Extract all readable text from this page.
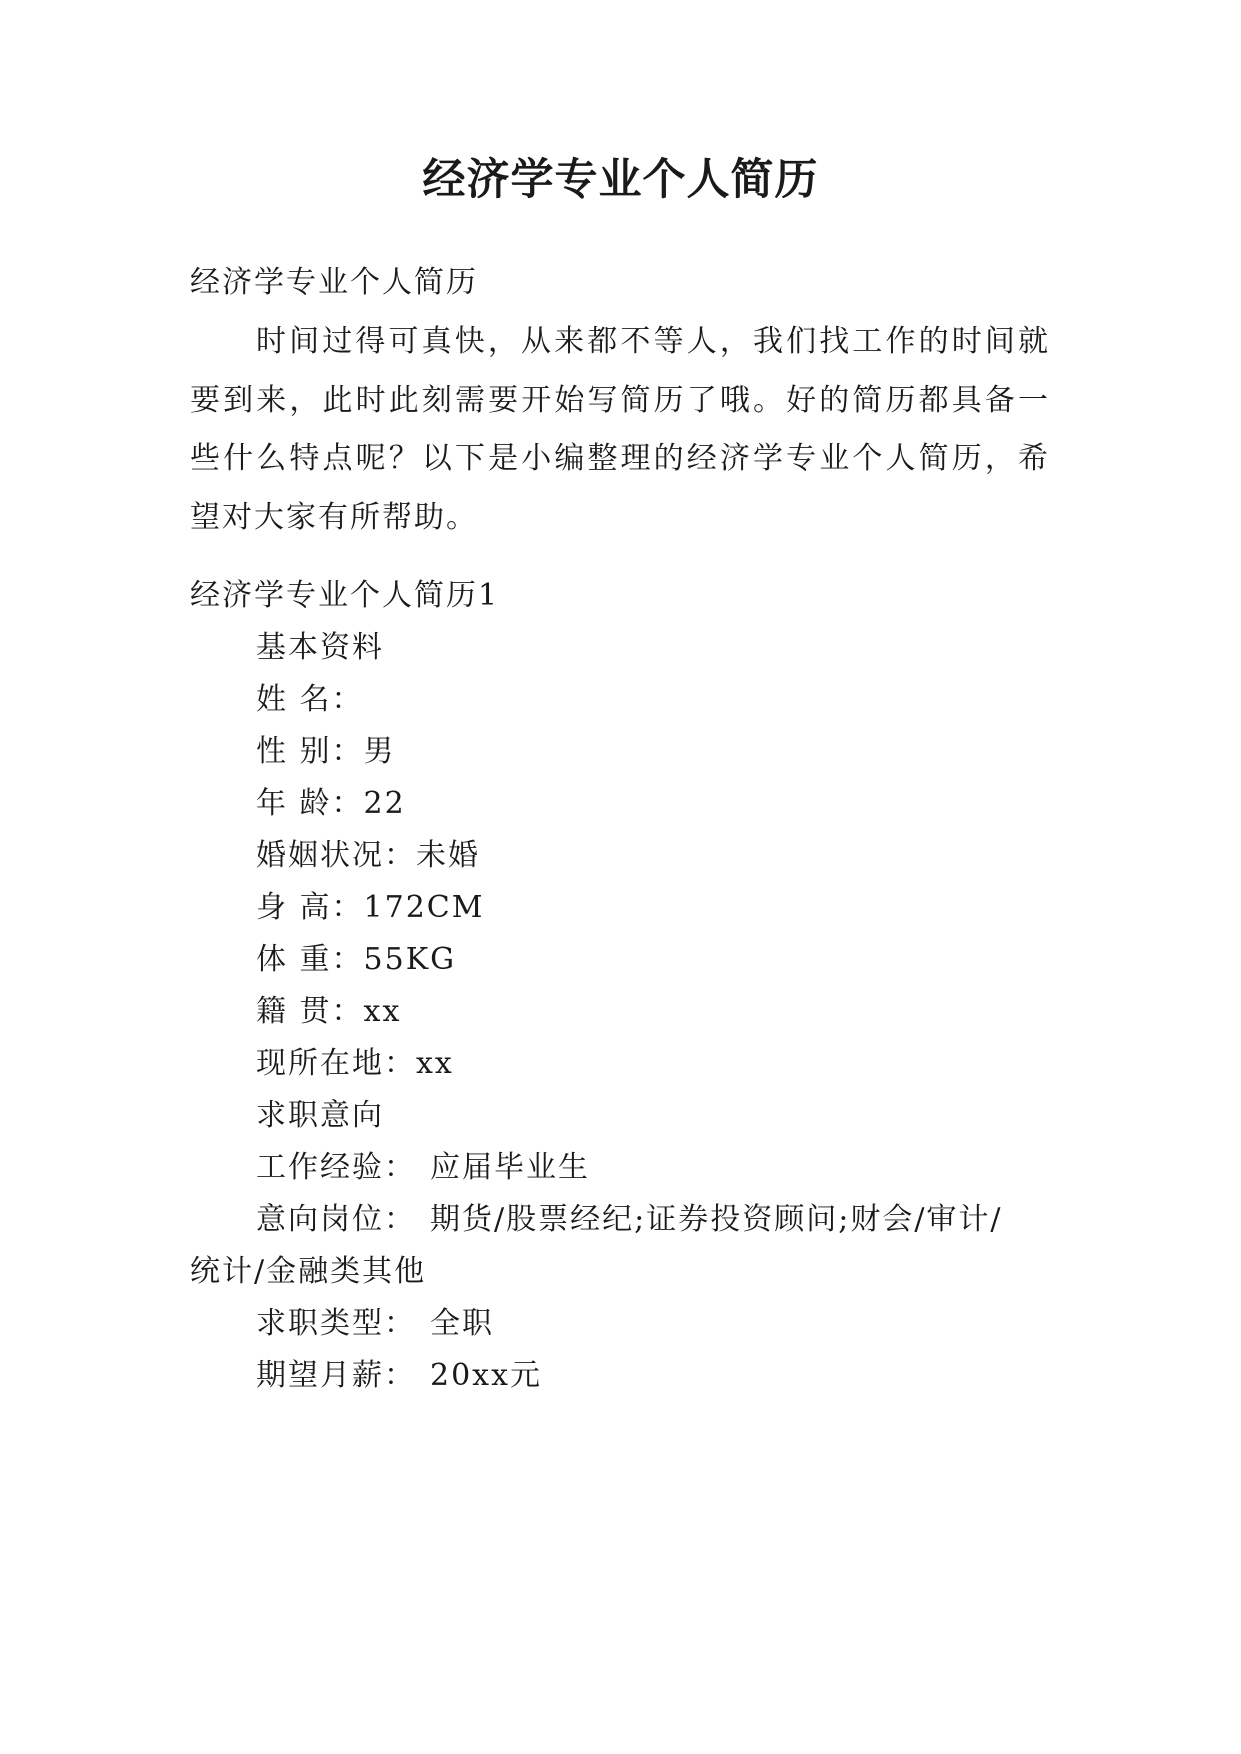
经济学专业个人简历
经济学专业个人简历
时间过得可真快，从来都不等人，我们找工作的时间就要到来，此时此刻需要开始写简历了哦。好的简历都具备一些什么特点呢？以下是小编整理的经济学专业个人简历，希望对大家有所帮助。
经济学专业个人简历1
基本资料
姓 名：
性 别：男
年 龄：22
婚姻状况：未婚
身 高：172CM
体 重：55KG
籍 贯：xx
现所在地：xx
求职意向
工作经验： 应届毕业生
意向岗位： 期货/股票经纪;证券投资顾问;财会/审计/
统计/金融类其他
求职类型： 全职
期望月薪： 20xx元
